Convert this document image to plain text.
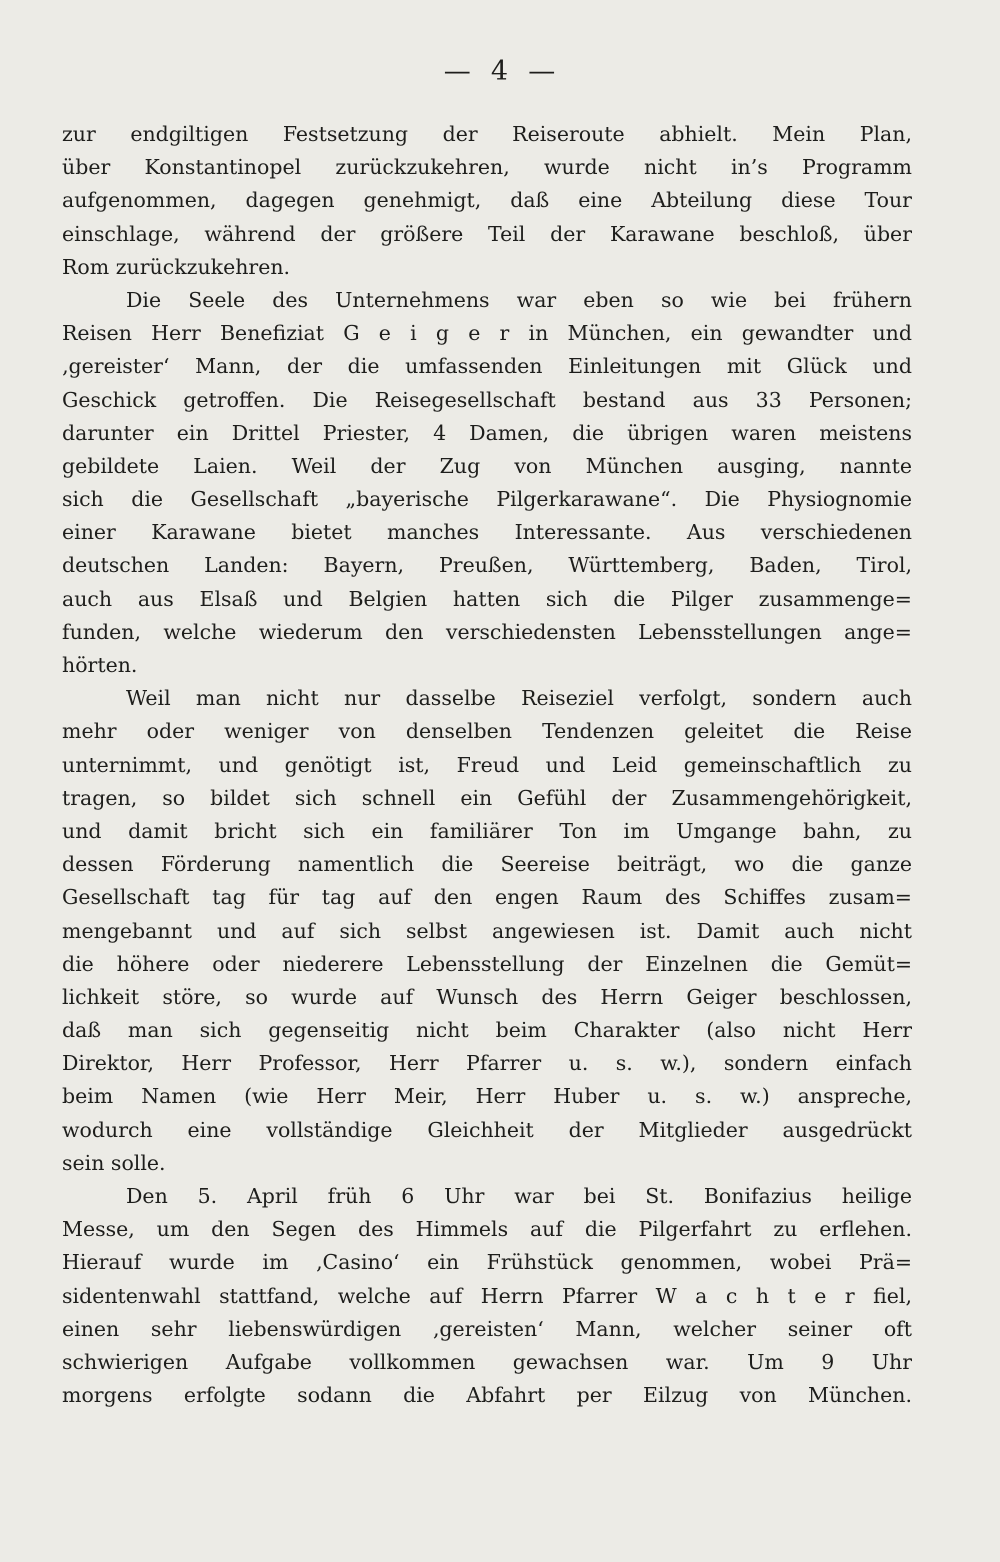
—  4  —
zur endgiltigen Festsetzung der Reiseroute abhielt. Mein Plan,
über Konstantinopel zurückzukehren, wurde nicht in’s Programm
aufgenommen, dagegen genehmigt, daß eine Abteilung diese Tour
einschlage, während der größere Teil der Karawane beschloß, über
Rom zurückzukehren.
Die Seele des Unternehmens war eben so wie bei frühern
Reisen Herr Benefiziat G e i g e r in München, ein gewandter und
‚gereister‘ Mann, der die umfassenden Einleitungen mit Glück und
Geschick getroffen. Die Reisegesellschaft bestand aus 33 Personen;
darunter ein Drittel Priester, 4 Damen, die übrigen waren meistens
gebildete Laien. Weil der Zug von München ausging, nannte
sich die Gesellschaft „bayerische Pilgerkarawane“. Die Physiognomie
einer Karawane bietet manches Interessante. Aus verschiedenen
deutschen Landen: Bayern, Preußen, Württemberg, Baden, Tirol,
auch aus Elsaß und Belgien hatten sich die Pilger zusammenge=
funden, welche wiederum den verschiedensten Lebensstellungen ange=
hörten.
Weil man nicht nur dasselbe Reiseziel verfolgt, sondern auch
mehr oder weniger von denselben Tendenzen geleitet die Reise
unternimmt, und genötigt ist, Freud und Leid gemeinschaftlich zu
tragen, so bildet sich schnell ein Gefühl der Zusammengehörigkeit,
und damit bricht sich ein familiärer Ton im Umgange bahn, zu
dessen Förderung namentlich die Seereise beiträgt, wo die ganze
Gesellschaft tag für tag auf den engen Raum des Schiffes zusam=
mengebannt und auf sich selbst angewiesen ist. Damit auch nicht
die höhere oder niederere Lebensstellung der Einzelnen die Gemüt=
lichkeit störe, so wurde auf Wunsch des Herrn Geiger beschlossen,
daß man sich gegenseitig nicht beim Charakter (also nicht Herr
Direktor, Herr Professor, Herr Pfarrer u. s. w.), sondern einfach
beim Namen (wie Herr Meir, Herr Huber u. s. w.) anspreche,
wodurch eine vollständige Gleichheit der Mitglieder ausgedrückt
sein solle.
Den 5. April früh 6 Uhr war bei St. Bonifazius heilige
Messe, um den Segen des Himmels auf die Pilgerfahrt zu erflehen.
Hierauf wurde im ‚Casino‘ ein Frühstück genommen, wobei Prä=
sidentenwahl stattfand, welche auf Herrn Pfarrer W a c h t e r fiel,
einen sehr liebenswürdigen ‚gereisten‘ Mann, welcher seiner oft
schwierigen Aufgabe vollkommen gewachsen war. Um 9 Uhr
morgens erfolgte sodann die Abfahrt per Eilzug von München.
